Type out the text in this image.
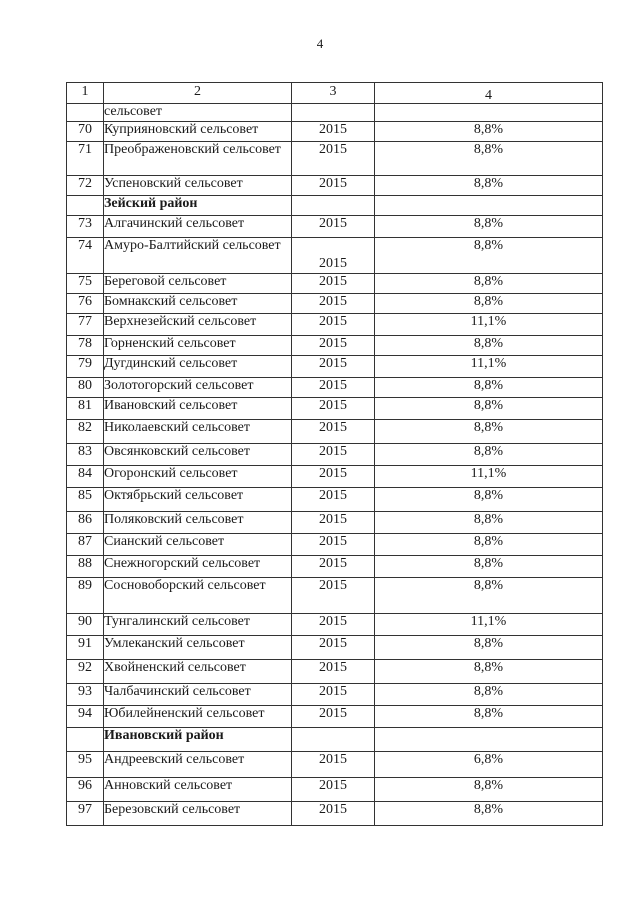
4
1	2	3	4
	сельсовет		
70	Куприяновский сельсовет	2015	8,8%
71	Преображеновский сельсовет	2015	8,8%
72	Успеновский сельсовет	2015	8,8%
	Зейский район		
73	Алгачинский сельсовет	2015	8,8%
74	Амуро-Балтийский сельсовет	2015	8,8%
75	Береговой сельсовет	2015	8,8%
76	Бомнакский сельсовет	2015	8,8%
77	Верхнезейский сельсовет	2015	11,1%
78	Горненский сельсовет	2015	8,8%
79	Дугдинский сельсовет	2015	11,1%
80	Золотогорский сельсовет	2015	8,8%
81	Ивановский сельсовет	2015	8,8%
82	Николаевский сельсовет	2015	8,8%
83	Овсянковский сельсовет	2015	8,8%
84	Огоронский сельсовет	2015	11,1%
85	Октябрьский сельсовет	2015	8,8%
86	Поляковский сельсовет	2015	8,8%
87	Сианский сельсовет	2015	8,8%
88	Снежногорский сельсовет	2015	8,8%
89	Сосновоборский сельсовет	2015	8,8%
90	Тунгалинский сельсовет	2015	11,1%
91	Умлеканский сельсовет	2015	8,8%
92	Хвойненский сельсовет	2015	8,8%
93	Чалбачинский сельсовет	2015	8,8%
94	Юбилейненский сельсовет	2015	8,8%
	Ивановский район		
95	Андреевский сельсовет	2015	6,8%
96	Анновский сельсовет	2015	8,8%
97	Березовский сельсовет	2015	8,8%
